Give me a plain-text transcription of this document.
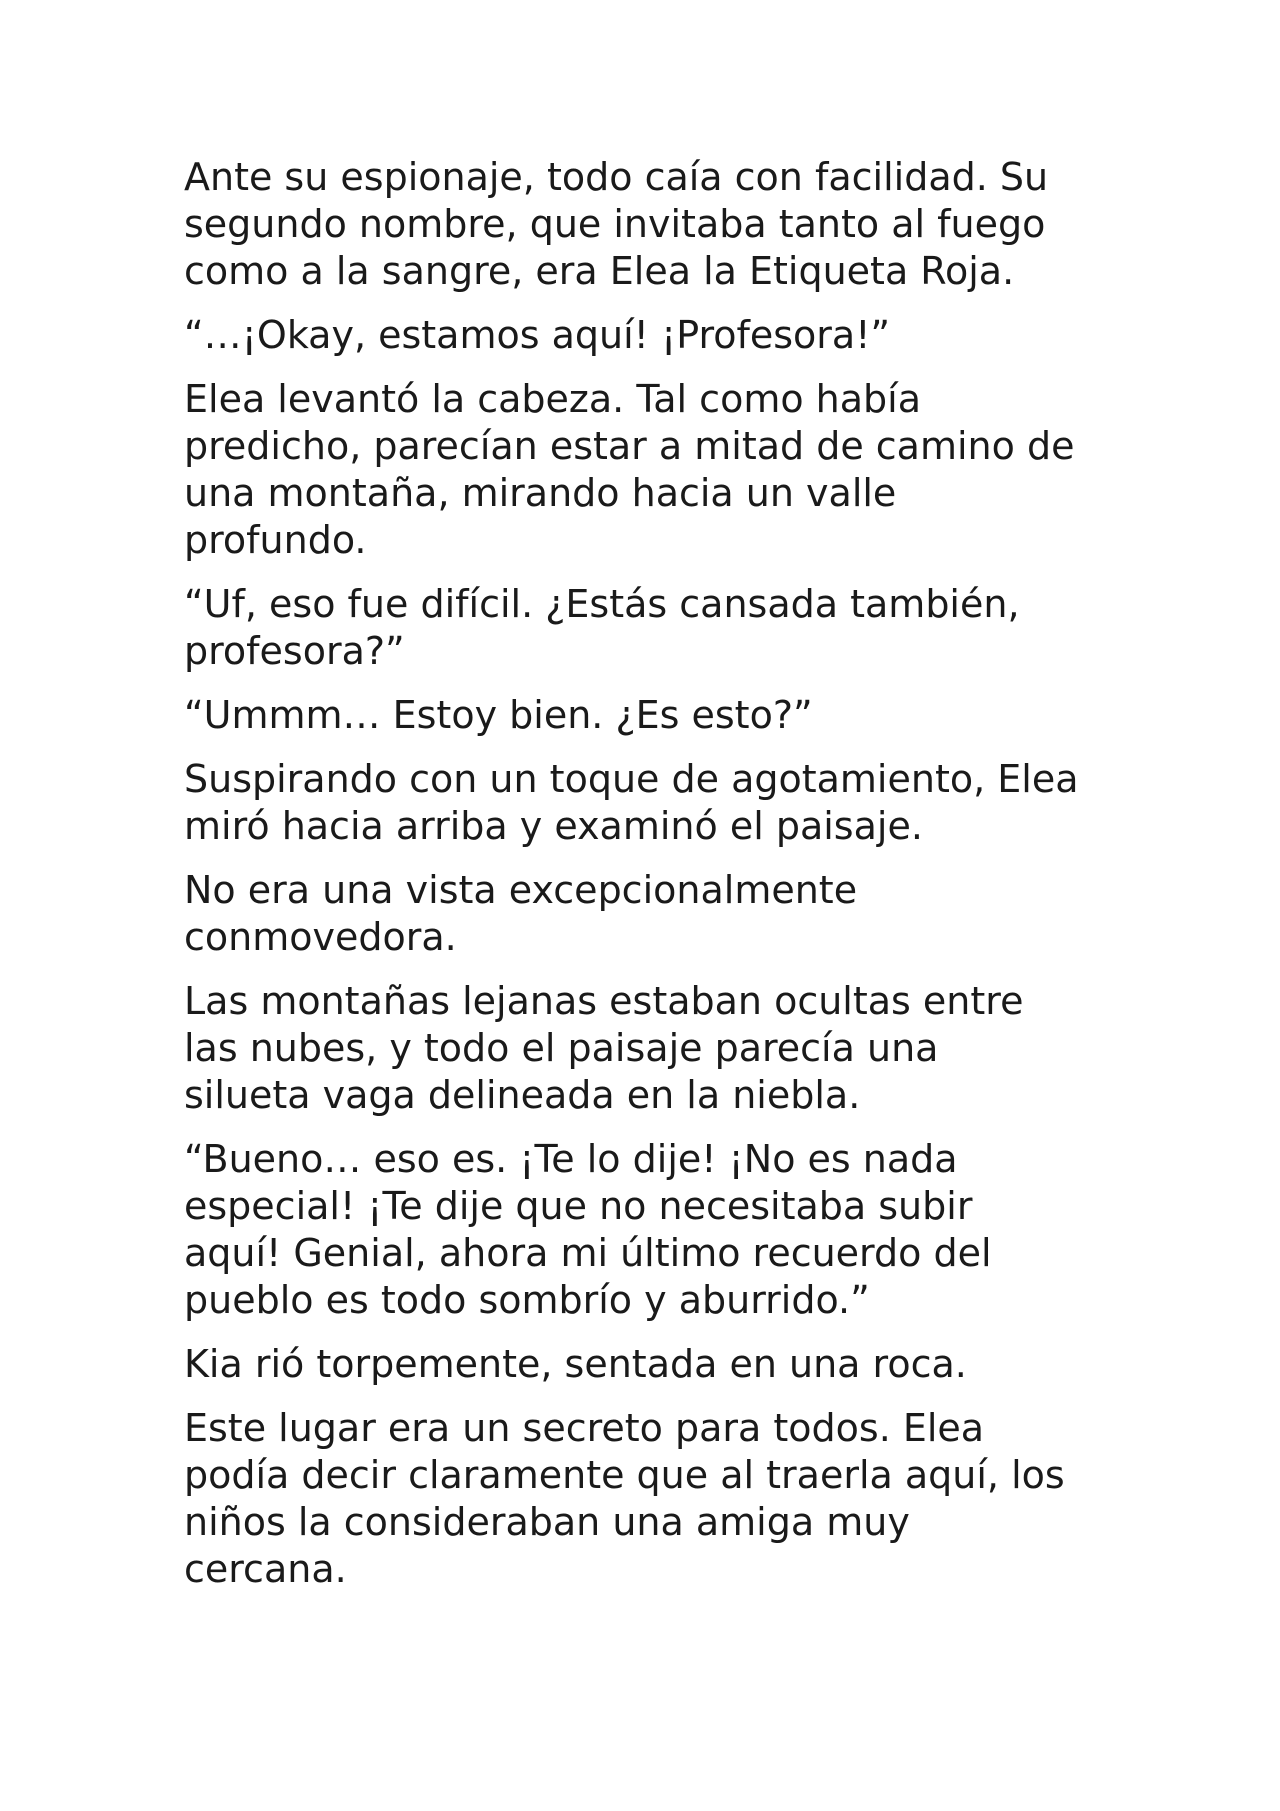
Ante su espionaje, todo caía con facilidad. Su
segundo nombre, que invitaba tanto al fuego
como a la sangre, era Elea la Etiqueta Roja.

“…¡Okay, estamos aquí! ¡Profesora!”

Elea levantó la cabeza. Tal como había
predicho, parecían estar a mitad de camino de
una montaña, mirando hacia un valle
profundo.

“Uf, eso fue difícil. ¿Estás cansada también,
profesora?”

“Ummm… Estoy bien. ¿Es esto?”

Suspirando con un toque de agotamiento, Elea
miró hacia arriba y examinó el paisaje.

No era una vista excepcionalmente
conmovedora.

Las montañas lejanas estaban ocultas entre
las nubes, y todo el paisaje parecía una
silueta vaga delineada en la niebla.

“Bueno… eso es. ¡Te lo dije! ¡No es nada
especial! ¡Te dije que no necesitaba subir
aquí! Genial, ahora mi último recuerdo del
pueblo es todo sombrío y aburrido.”

Kia rió torpemente, sentada en una roca.

Este lugar era un secreto para todos. Elea
podía decir claramente que al traerla aquí, los
niños la consideraban una amiga muy
cercana.
